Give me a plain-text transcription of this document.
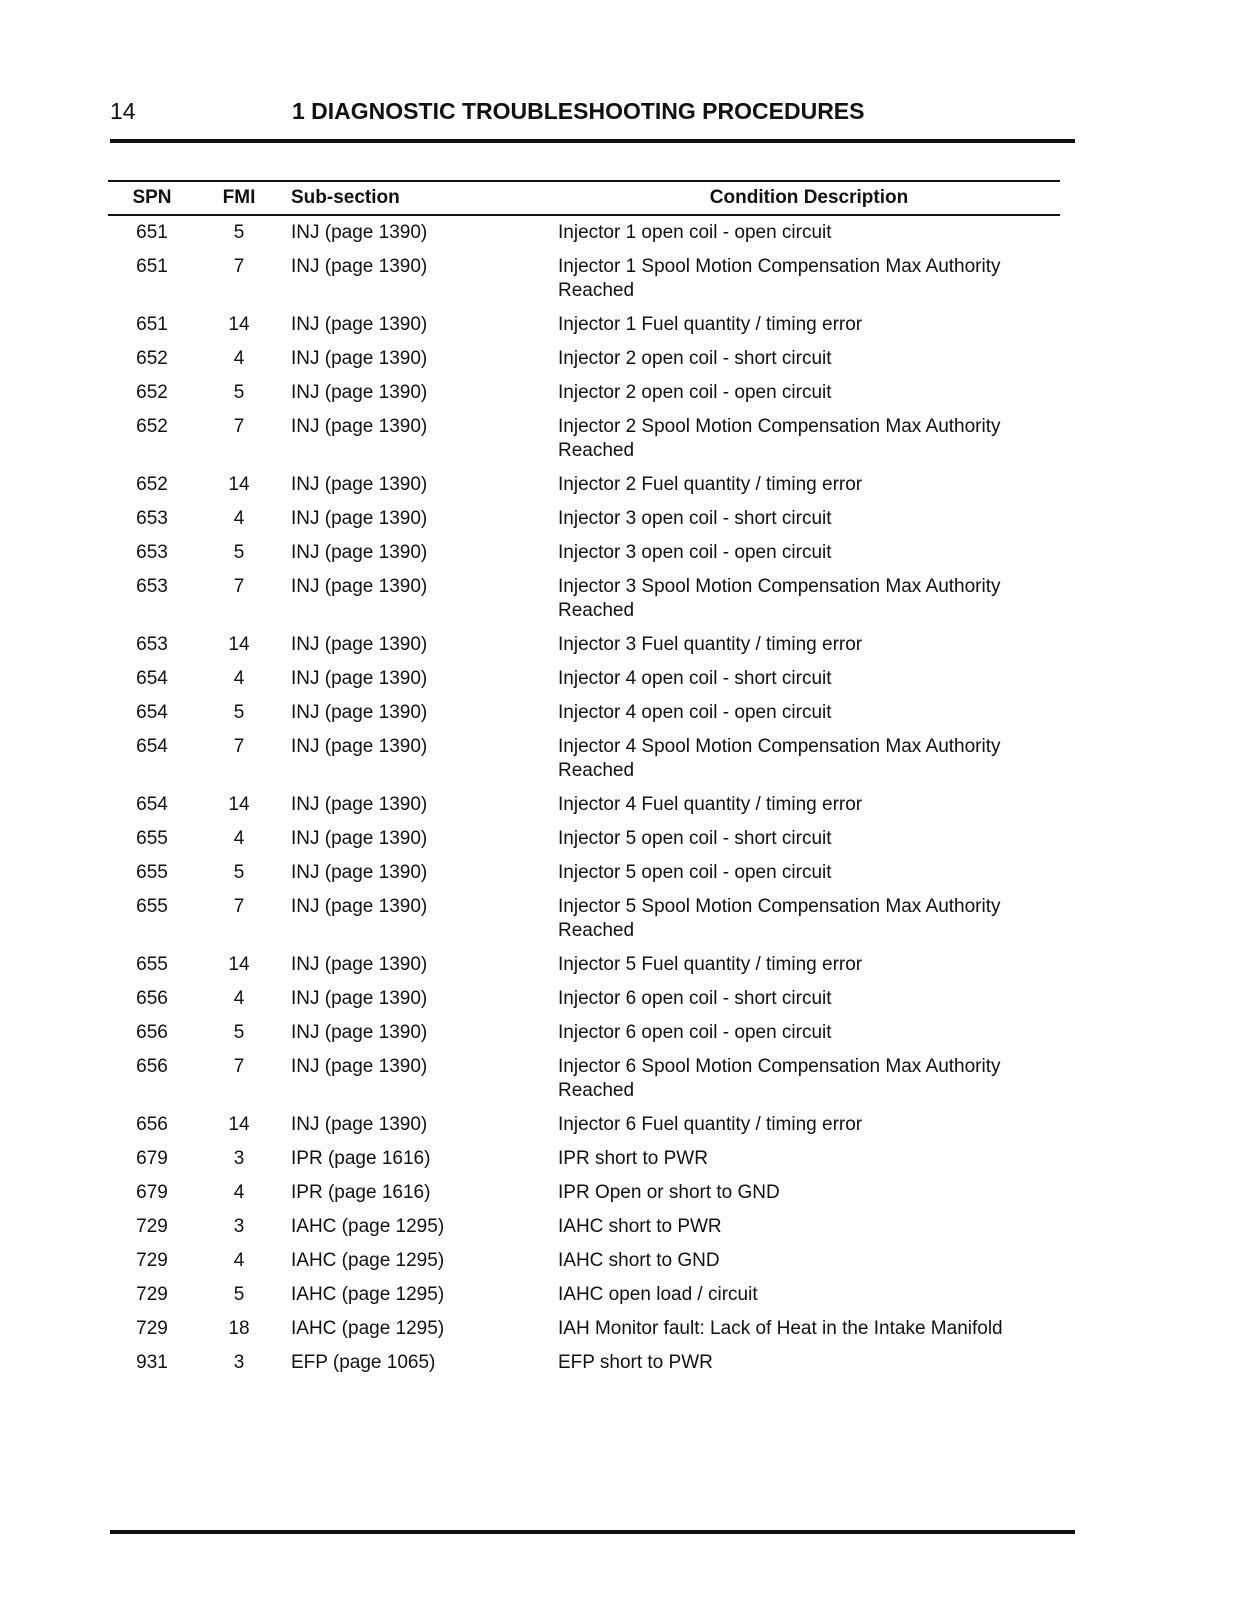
14	1 DIAGNOSTIC TROUBLESHOOTING PROCEDURES
SPN	FMI	Sub-section	Condition Description
651	5	INJ (page 1390)	Injector 1 open coil - open circuit
651	7	INJ (page 1390)	Injector 1 Spool Motion Compensation Max Authority Reached
651	14	INJ (page 1390)	Injector 1 Fuel quantity / timing error
652	4	INJ (page 1390)	Injector 2 open coil - short circuit
652	5	INJ (page 1390)	Injector 2 open coil - open circuit
652	7	INJ (page 1390)	Injector 2 Spool Motion Compensation Max Authority Reached
652	14	INJ (page 1390)	Injector 2 Fuel quantity / timing error
653	4	INJ (page 1390)	Injector 3 open coil - short circuit
653	5	INJ (page 1390)	Injector 3 open coil - open circuit
653	7	INJ (page 1390)	Injector 3 Spool Motion Compensation Max Authority Reached
653	14	INJ (page 1390)	Injector 3 Fuel quantity / timing error
654	4	INJ (page 1390)	Injector 4 open coil - short circuit
654	5	INJ (page 1390)	Injector 4 open coil - open circuit
654	7	INJ (page 1390)	Injector 4 Spool Motion Compensation Max Authority Reached
654	14	INJ (page 1390)	Injector 4 Fuel quantity / timing error
655	4	INJ (page 1390)	Injector 5 open coil - short circuit
655	5	INJ (page 1390)	Injector 5 open coil - open circuit
655	7	INJ (page 1390)	Injector 5 Spool Motion Compensation Max Authority Reached
655	14	INJ (page 1390)	Injector 5 Fuel quantity / timing error
656	4	INJ (page 1390)	Injector 6 open coil - short circuit
656	5	INJ (page 1390)	Injector 6 open coil - open circuit
656	7	INJ (page 1390)	Injector 6 Spool Motion Compensation Max Authority Reached
656	14	INJ (page 1390)	Injector 6 Fuel quantity / timing error
679	3	IPR (page 1616)	IPR short to PWR
679	4	IPR (page 1616)	IPR Open or short to GND
729	3	IAHC (page 1295)	IAHC short to PWR
729	4	IAHC (page 1295)	IAHC short to GND
729	5	IAHC (page 1295)	IAHC open load / circuit
729	18	IAHC (page 1295)	IAH Monitor fault: Lack of Heat in the Intake Manifold
931	3	EFP (page 1065)	EFP short to PWR
